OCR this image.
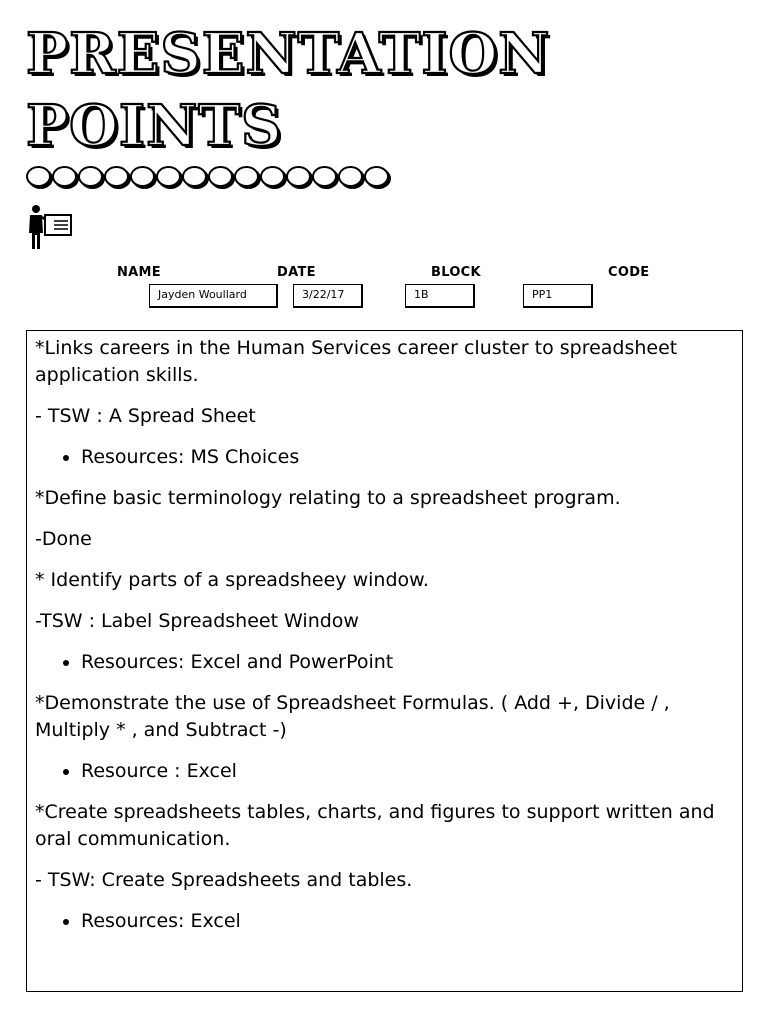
PRESENTATION
POINTS
NAME	DATE	BLOCK	CODE
Jayden Woullard	3/22/17	1B	PP1

*Links careers in the Human Services career cluster to spreadsheet application skills.

- TSW : A Spread Sheet

• Resources: MS Choices

*Define basic terminology relating to a spreadsheet program.

-Done

* Identify parts of a spreadsheey window.

-TSW : Label Spreadsheet Window

• Resources: Excel and PowerPoint

*Demonstrate the use of Spreadsheet Formulas. ( Add +, Divide / , Multiply * , and Subtract -)

• Resource : Excel

*Create spreadsheets tables, charts, and figures to support written and oral communication.

- TSW: Create Spreadsheets and tables.

• Resources: Excel
